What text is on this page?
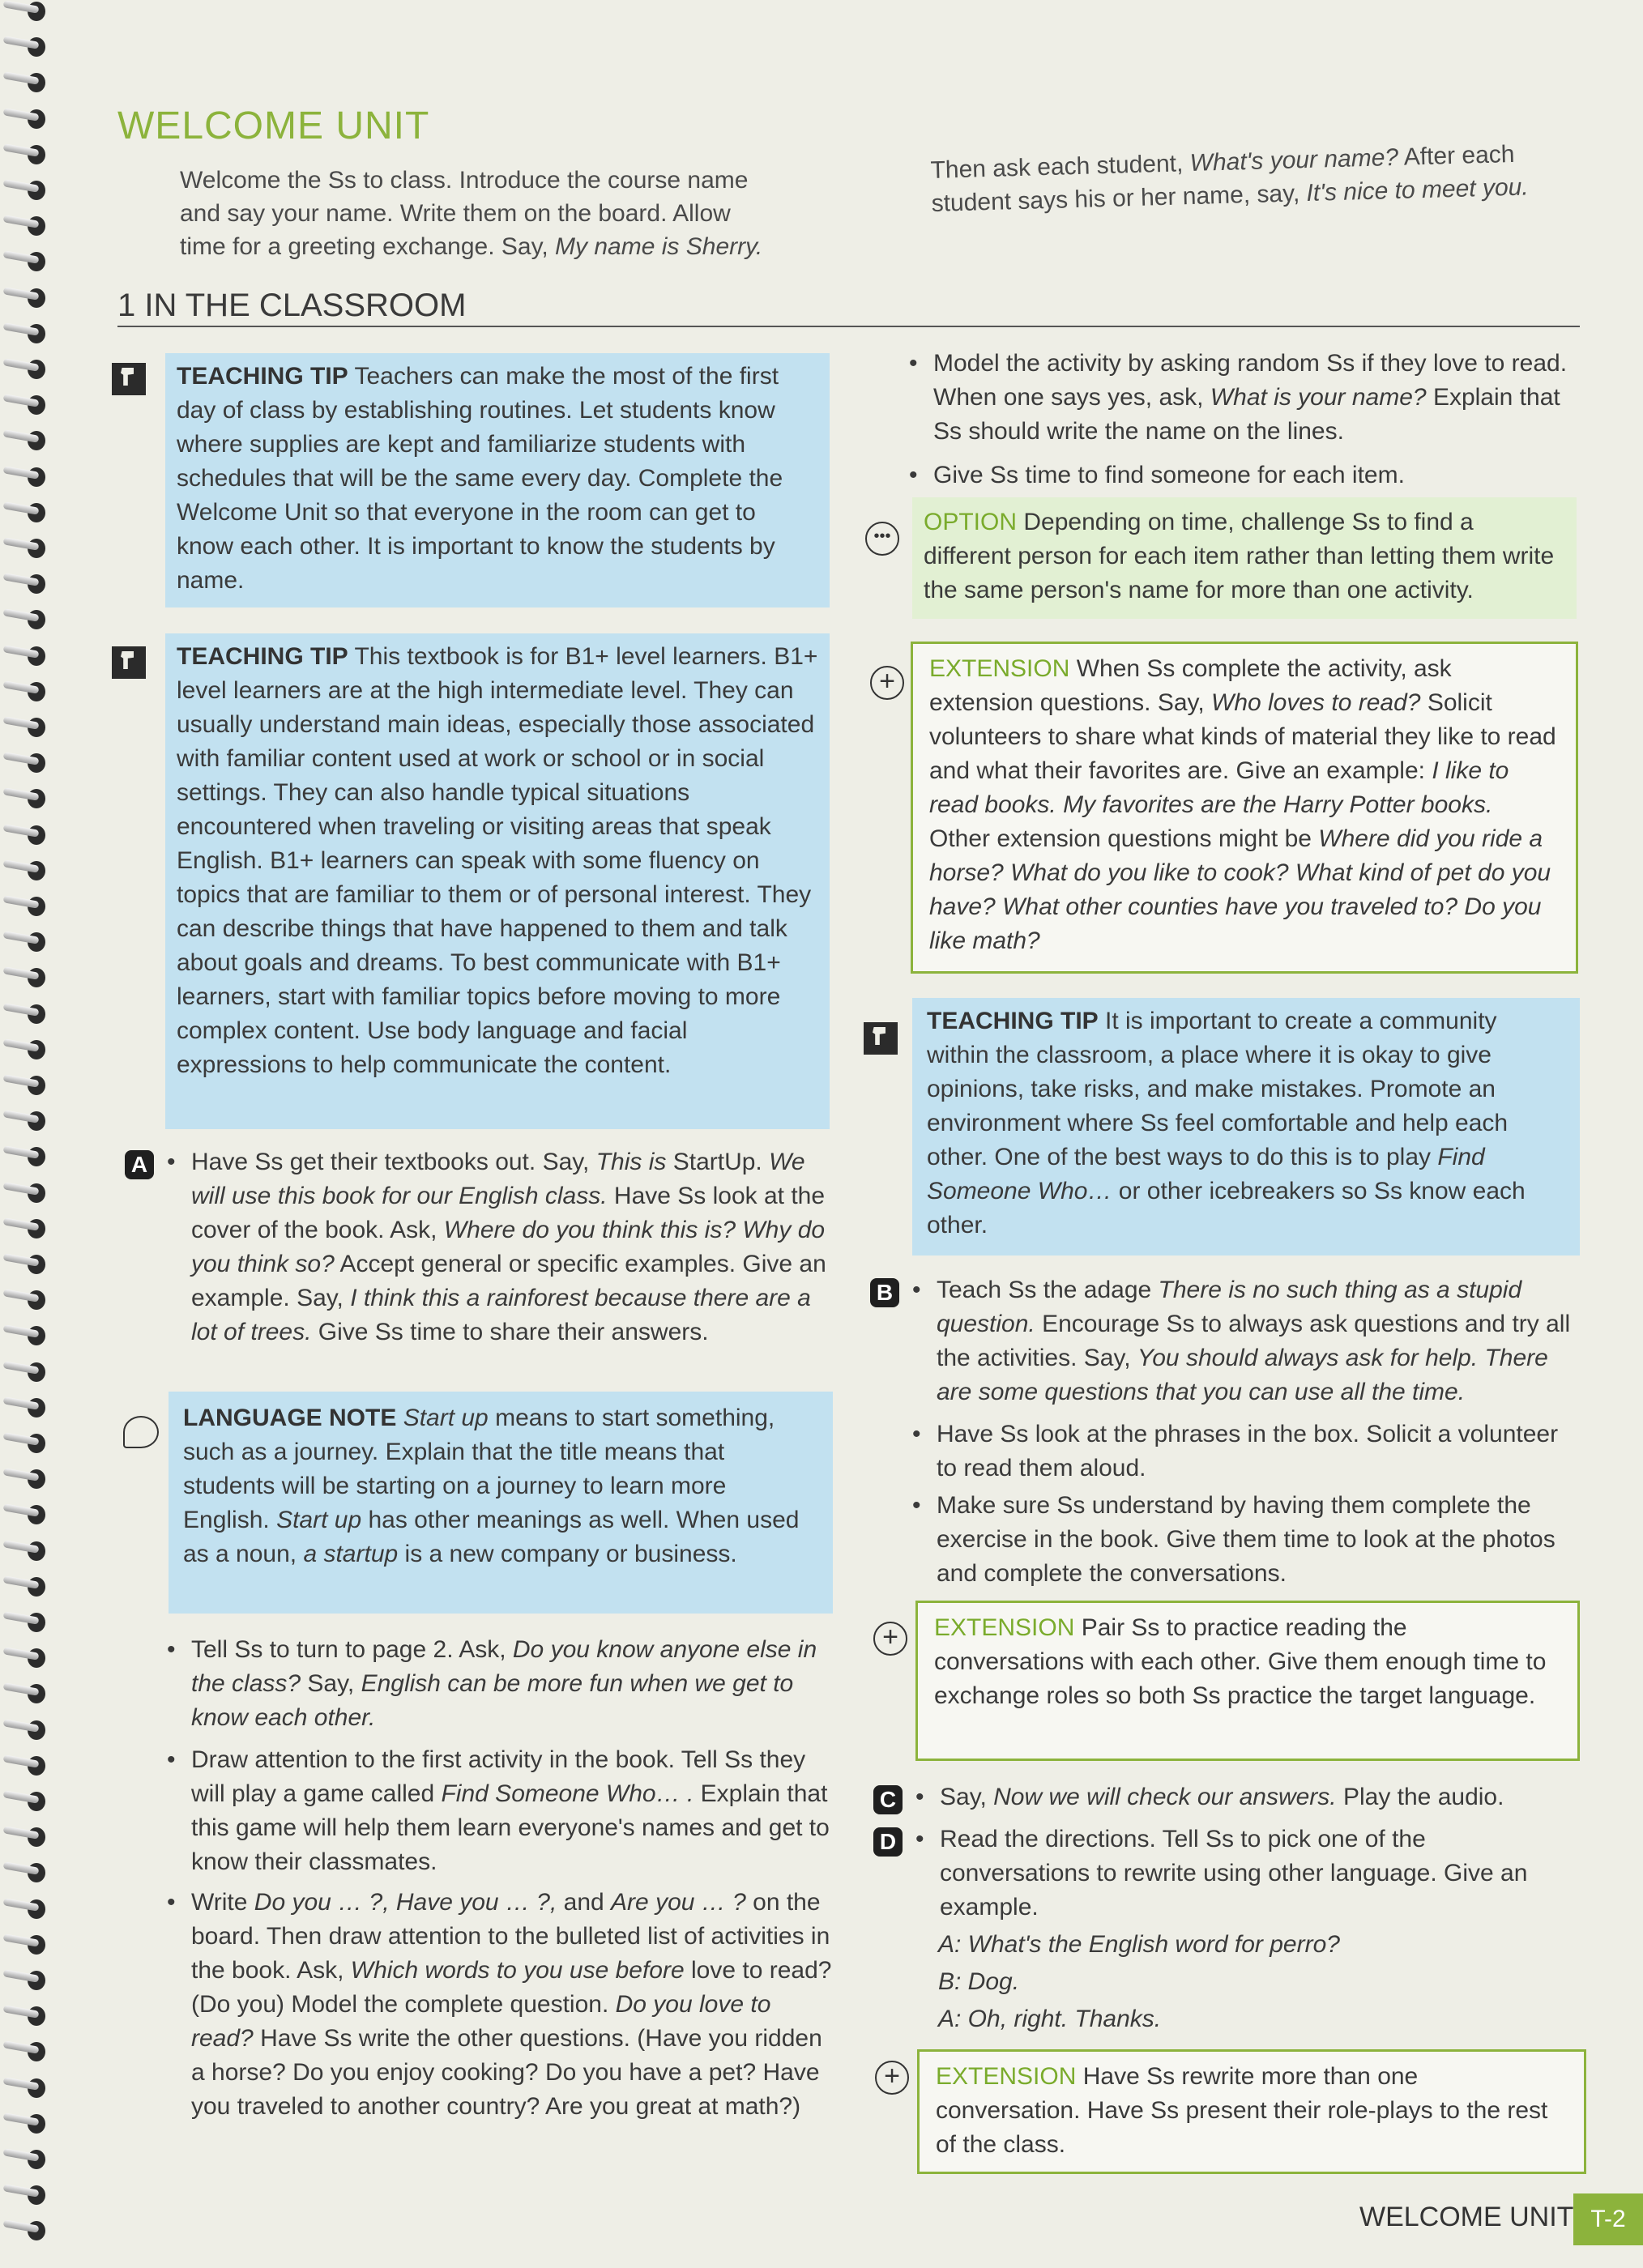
WELCOME UNIT
Welcome the Ss to class. Introduce the course name
and say your name. Write them on the board. Allow
time for a greeting exchange. Say, My name is Sherry.
Then ask each student, What's your name? After each
student says his or her name, say, It's nice to meet you.
1 IN THE CLASSROOM

TEACHING TIP Teachers can make the most of the first day of class by establishing routines. Let students know where supplies are kept and familiarize students with schedules that will be the same every day. Complete the Welcome Unit so that everyone in the room can get to know each other. It is important to know the students by name.

TEACHING TIP This textbook is for B1+ level learners. B1+ level learners are at the high intermediate level. They can usually understand main ideas, especially those associated with familiar content used at work or school or in social settings. They can also handle typical situations encountered when traveling or visiting areas that speak English. B1+ learners can speak with some fluency on topics that are familiar to them or of personal interest. They can describe things that have happened to them and talk about goals and dreams. To best communicate with B1+ learners, start with familiar topics before moving to more complex content. Use body language and facial expressions to help communicate the content.

A • Have Ss get their textbooks out. Say, This is StartUp. We will use this book for our English class. Have Ss look at the cover of the book. Ask, Where do you think this is? Why do you think so? Accept general or specific examples. Give an example. Say, I think this a rainforest because there are a lot of trees. Give Ss time to share their answers.

LANGUAGE NOTE Start up means to start something, such as a journey. Explain that the title means that students will be starting on a journey to learn more English. Start up has other meanings as well. When used as a noun, a startup is a new company or business.

• Tell Ss to turn to page 2. Ask, Do you know anyone else in the class? Say, English can be more fun when we get to know each other.
• Draw attention to the first activity in the book. Tell Ss they will play a game called Find Someone Who… . Explain that this game will help them learn everyone's names and get to know their classmates.
• Write Do you … ?, Have you … ?, and Are you … ? on the board. Then draw attention to the bulleted list of activities in the book. Ask, Which words to you use before love to read? (Do you) Model the complete question. Do you love to read? Have Ss write the other questions. (Have you ridden a horse? Do you enjoy cooking? Do you have a pet? Have you traveled to another country? Are you great at math?)
• Model the activity by asking random Ss if they love to read. When one says yes, ask, What is your name? Explain that Ss should write the name on the lines.
• Give Ss time to find someone for each item.
•••

OPTION Depending on time, challenge Ss to find a different person for each item rather than letting them write the same person's name for more than one activity.

+	EXTENSION When Ss complete the activity, ask extension questions. Say, Who loves to read? Solicit volunteers to share what kinds of material they like to read and what their favorites are. Give an example: I like to read books. My favorites are the Harry Potter books. Other extension questions might be Where did you ride a horse? What do you like to cook? What kind of pet do you have? What other counties have you traveled to? Do you like math?

TEACHING TIP It is important to create a community within the classroom, a place where it is okay to give opinions, take risks, and make mistakes. Promote an environment where Ss feel comfortable and help each other. One of the best ways to do this is to play Find Someone Who… or other icebreakers so Ss know each other.

B • Teach Ss the adage There is no such thing as a stupid question. Encourage Ss to always ask questions and try all the activities. Say, You should always ask for help. There are some questions that you can use all the time.
• Have Ss look at the phrases in the box. Solicit a volunteer to read them aloud.
• Make sure Ss understand by having them complete the exercise in the book. Give them time to look at the photos and complete the conversations.
+	EXTENSION Pair Ss to practice reading the conversations with each other. Give them enough time to exchange roles so both Ss practice the target language.

C • Say, Now we will check our answers. Play the audio.
D • Read the directions. Tell Ss to pick one of the conversations to rewrite using other language. Give an example.
A: What's the English word for perro?
B: Dog.
A: Oh, right. Thanks.
+	EXTENSION Have Ss rewrite more than one conversation. Have Ss present their role-plays to the rest of the class.

WELCOME UNIT T-2
